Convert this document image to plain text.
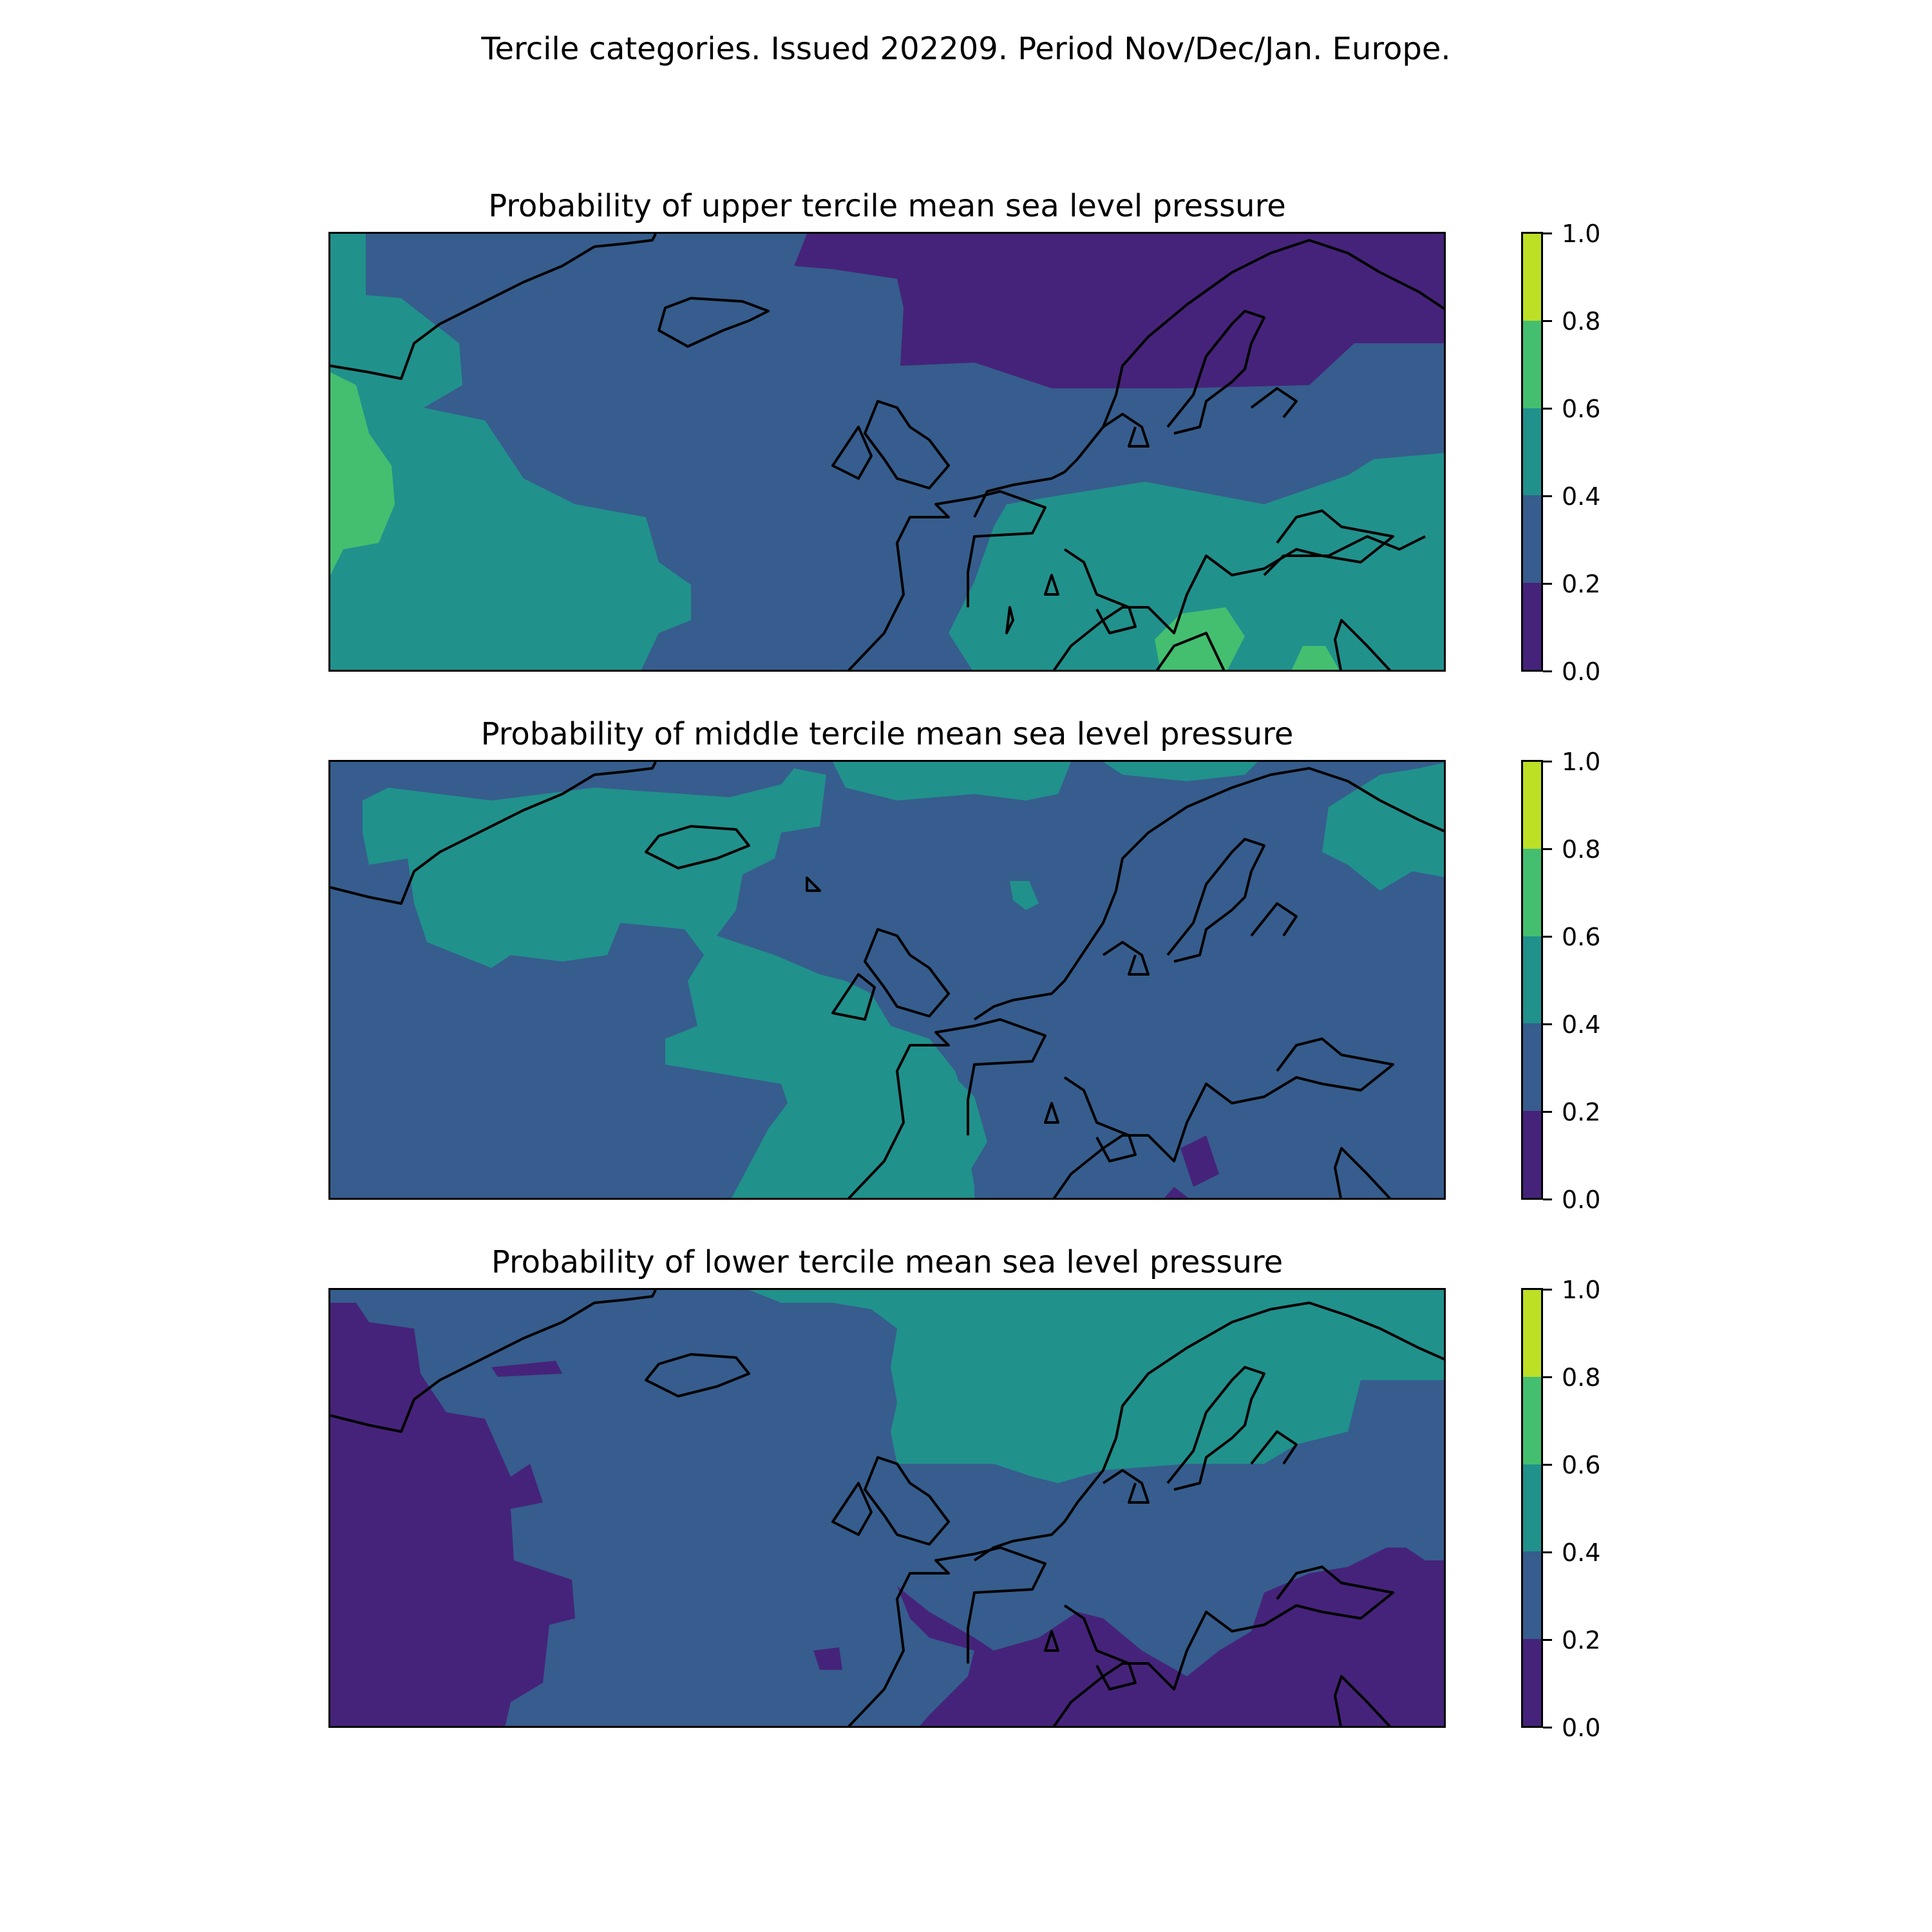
Tercile categories. Issued 202209. Period Nov/Dec/Jan. Europe.
Probability of upper tercile mean sea level pressure
0.0
0.2
0.4
0.6
0.8
1.0
Probability of middle tercile mean sea level pressure
0.0
0.2
0.4
0.6
0.8
1.0
Probability of lower tercile mean sea level pressure
0.0
0.2
0.4
0.6
0.8
1.0
